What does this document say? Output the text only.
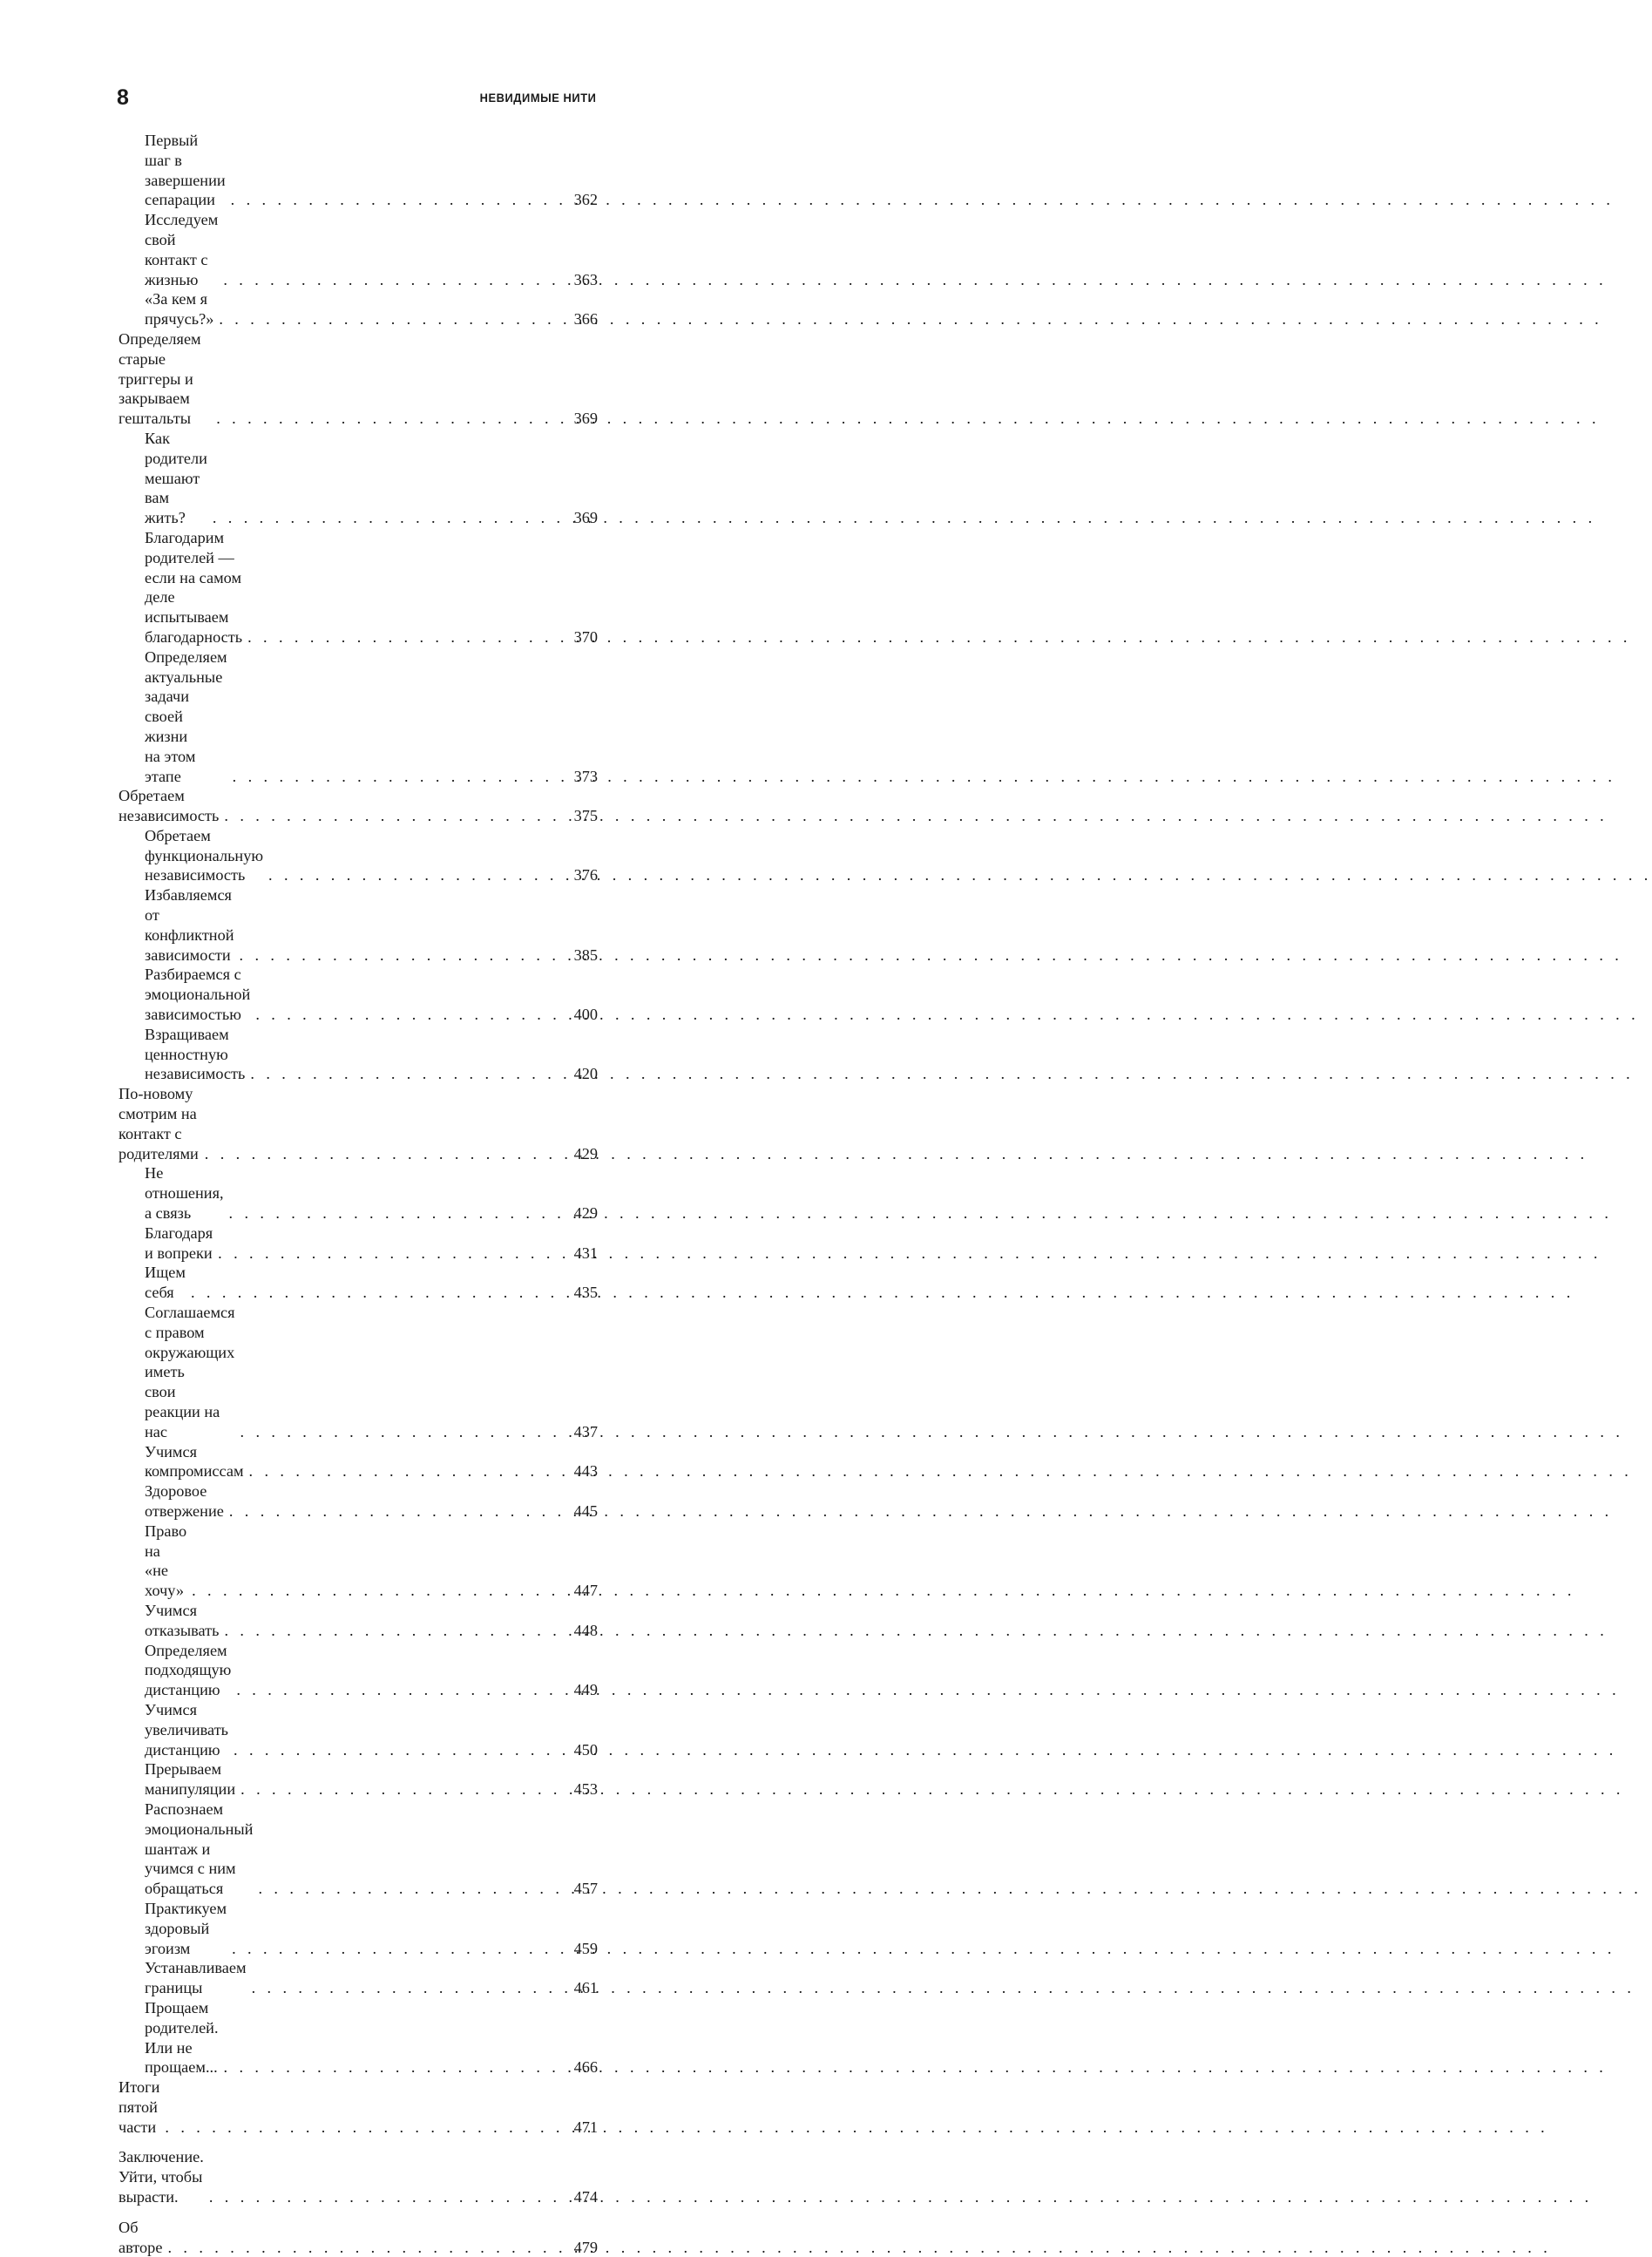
8	НЕВИДИМЫЕ НИТИ
Первый шаг в завершении сепарации . . .	362
Исследуем свой контакт с жизнью . . .	363
«За кем я прячусь?» . . .	366
Определяем старые триггеры и закрываем гештальты . . .	369
Как родители мешают вам жить? . . .	369
Благодарим родителей — если на самом деле
испытываем благодарность . . .	370
Определяем актуальные задачи своей жизни
на этом этапе . . .	373
Обретаем независимость . . .	375
Обретаем функциональную независимость . . .	376
Избавляемся от конфликтной зависимости . . .	385
Разбираемся с эмоциональной зависимостью . . .	400
Взращиваем ценностную независимость . . .	420
По-новому смотрим на контакт с родителями . . .	429
Не отношения, а связь . . .	429
Благодаря и вопреки . . .	431
Ищем себя . . .	435
Соглашаемся с правом окружающих иметь
свои реакции на нас . . .	437
Учимся компромиссам . . .	443
Здоровое отвержение . . .	445
Право на «не хочу» . . .	447
Учимся отказывать . . .	448
Определяем подходящую дистанцию . . .	449
Учимся увеличивать дистанцию . . .	450
Прерываем манипуляции . . .	453
Распознаем эмоциональный шантаж и учимся с ним
обращаться . . .	457
Практикуем здоровый эгоизм . . .	459
Устанавливаем границы . . .	461
Прощаем родителей. Или не прощаем... . . .	466
Итоги пятой части . . .	471
Заключение. Уйти, чтобы вырасти. . . .	474
Об авторе . . .	479
